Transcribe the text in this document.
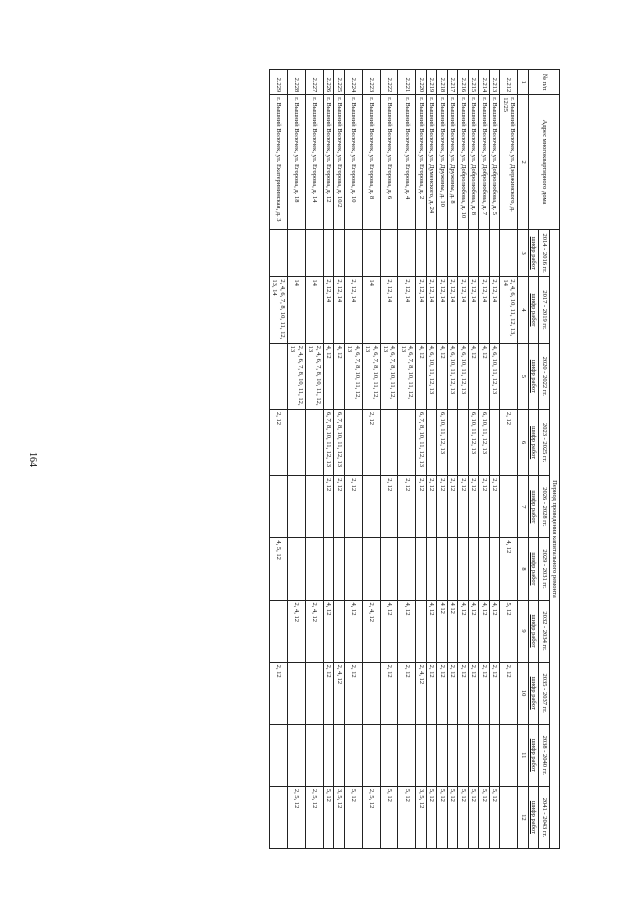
164
№ п/п	Адрес многоквартирного дома	Период проведения капитального ремонта									
		2014 - 2016 гг.	2017 - 2019 гг.	2020 - 2022 гг.	2023 - 2025 гг.	2026 - 2028 гг.	2029 - 2031 гг.	2032 - 2034 гг.	2035 - 2037 гг.	2038 - 2040 гг.	2041 - 2043 гг.
		шифр работ	шифр работ	шифр работ	шифр работ	шифр работ	шифр работ	шифр работ	шифр работ	шифр работ	шифр работ
1	2	3	4	5	6	7	8	9	10	11	12
2.212	г. Вышний Волочек, ул. Дзержинского, д. 12/25		2, 4, 6, 10, 11, 12, 13, 14		2, 12		4, 12	5, 12	2, 12		
2.213	г. Вышний Волочек, ул. Добролюбова, д. 5		2, 12, 14	4, 6, 10, 11, 12, 13		2, 12		4, 12	2, 12		5, 12
2.214	г. Вышний Волочек, ул. Добролюбова, д. 7		2, 12, 14	4, 12	6, 10, 11, 12, 13	2, 12		4, 12	2, 12		5, 12
2.215	г. Вышний Волочек, ул. Добролюбова, д. 8		2, 12, 14	4, 12	6, 10, 11, 12, 13	2, 12		4, 12	2, 12		5, 12
2.216	г. Вышний Волочек, ул. Добролюбова, д. 10		2, 12, 14	4, 6, 10, 11, 12, 13		2, 12		4, 12	2, 12		5, 12
2.217	г. Вышний Волочек, ул. Дружины, д. 8		2, 12, 14	4, 6, 10, 11, 12, 13		2, 12		4 12	2, 12		5, 12
2.218	г. Вышний Волочек, ул. Дружины, д. 10		2, 12, 14	4, 12	6, 10, 11, 12, 13	2, 12		4 12	2, 12		5, 12
2.219	г. Вышний Волочек, ул. Думенского, д. 24		2, 12, 14	4, 6, 10, 11, 12, 13		2, 12		4, 12	2, 12		5, 12
2.220	г. Вышний Волочек, ул. Егорова, д. 2		2, 12, 14	4, 12	6, 7, 8, 10, 11, 12, 13	2, 12			2, 4, 12		3, 5, 12
2.221	г. Вышний Волочек, ул. Егорова, д. 4		2, 12, 14	4, 6, 7, 8, 10, 11, 12, 13		2, 12		4, 12	2, 12		5, 12
2.222	г. Вышний Волочек, ул. Егорова, д. 6		2, 12, 14	4, 6, 7, 8, 10, 11, 12, 13		2, 12		4, 12	2, 12		5, 12
2.223	г. Вышний Волочек, ул. Егорова, д. 8		14	4, 6, 7, 8, 10, 11, 12, 13	2, 12			2, 4, 12			2, 5, 12
2.224	г. Вышний Волочек, ул. Егорова, д. 10		2, 12, 14	4, 6, 7, 8, 10, 11, 12, 13		2, 12		4, 12	2, 12		5, 12
2.225	г. Вышний Волочек, ул. Егорова, д. 10/2		2, 12, 14	4, 12	6, 7, 8, 10, 11, 12, 13	2, 12			2, 4, 12		3, 5, 12
2.226	г. Вышний Волочек, ул. Егорова, д. 12		2, 12, 14	4, 12	6, 7, 8, 10, 11, 12, 13	2, 12		4, 12	2, 12		5, 12
2.227	г. Вышний Волочек, ул. Егорова, д. 14		14	2, 4, 6, 7, 8, 10, 11, 12, 13				2, 4, 12			2, 5, 12
2.228	г. Вышний Волочек, ул. Егорова, д. 18		14	2, 4, 6, 7, 8, 10, 11, 12, 13				2, 4, 12			2, 5, 12
2.229	г. Вышний Волочек, ул. Екатерининская, д. 3		2, 4, 6, 7, 8, 10, 11, 12, 13, 14		2, 12		4, 5, 12		2, 12		
